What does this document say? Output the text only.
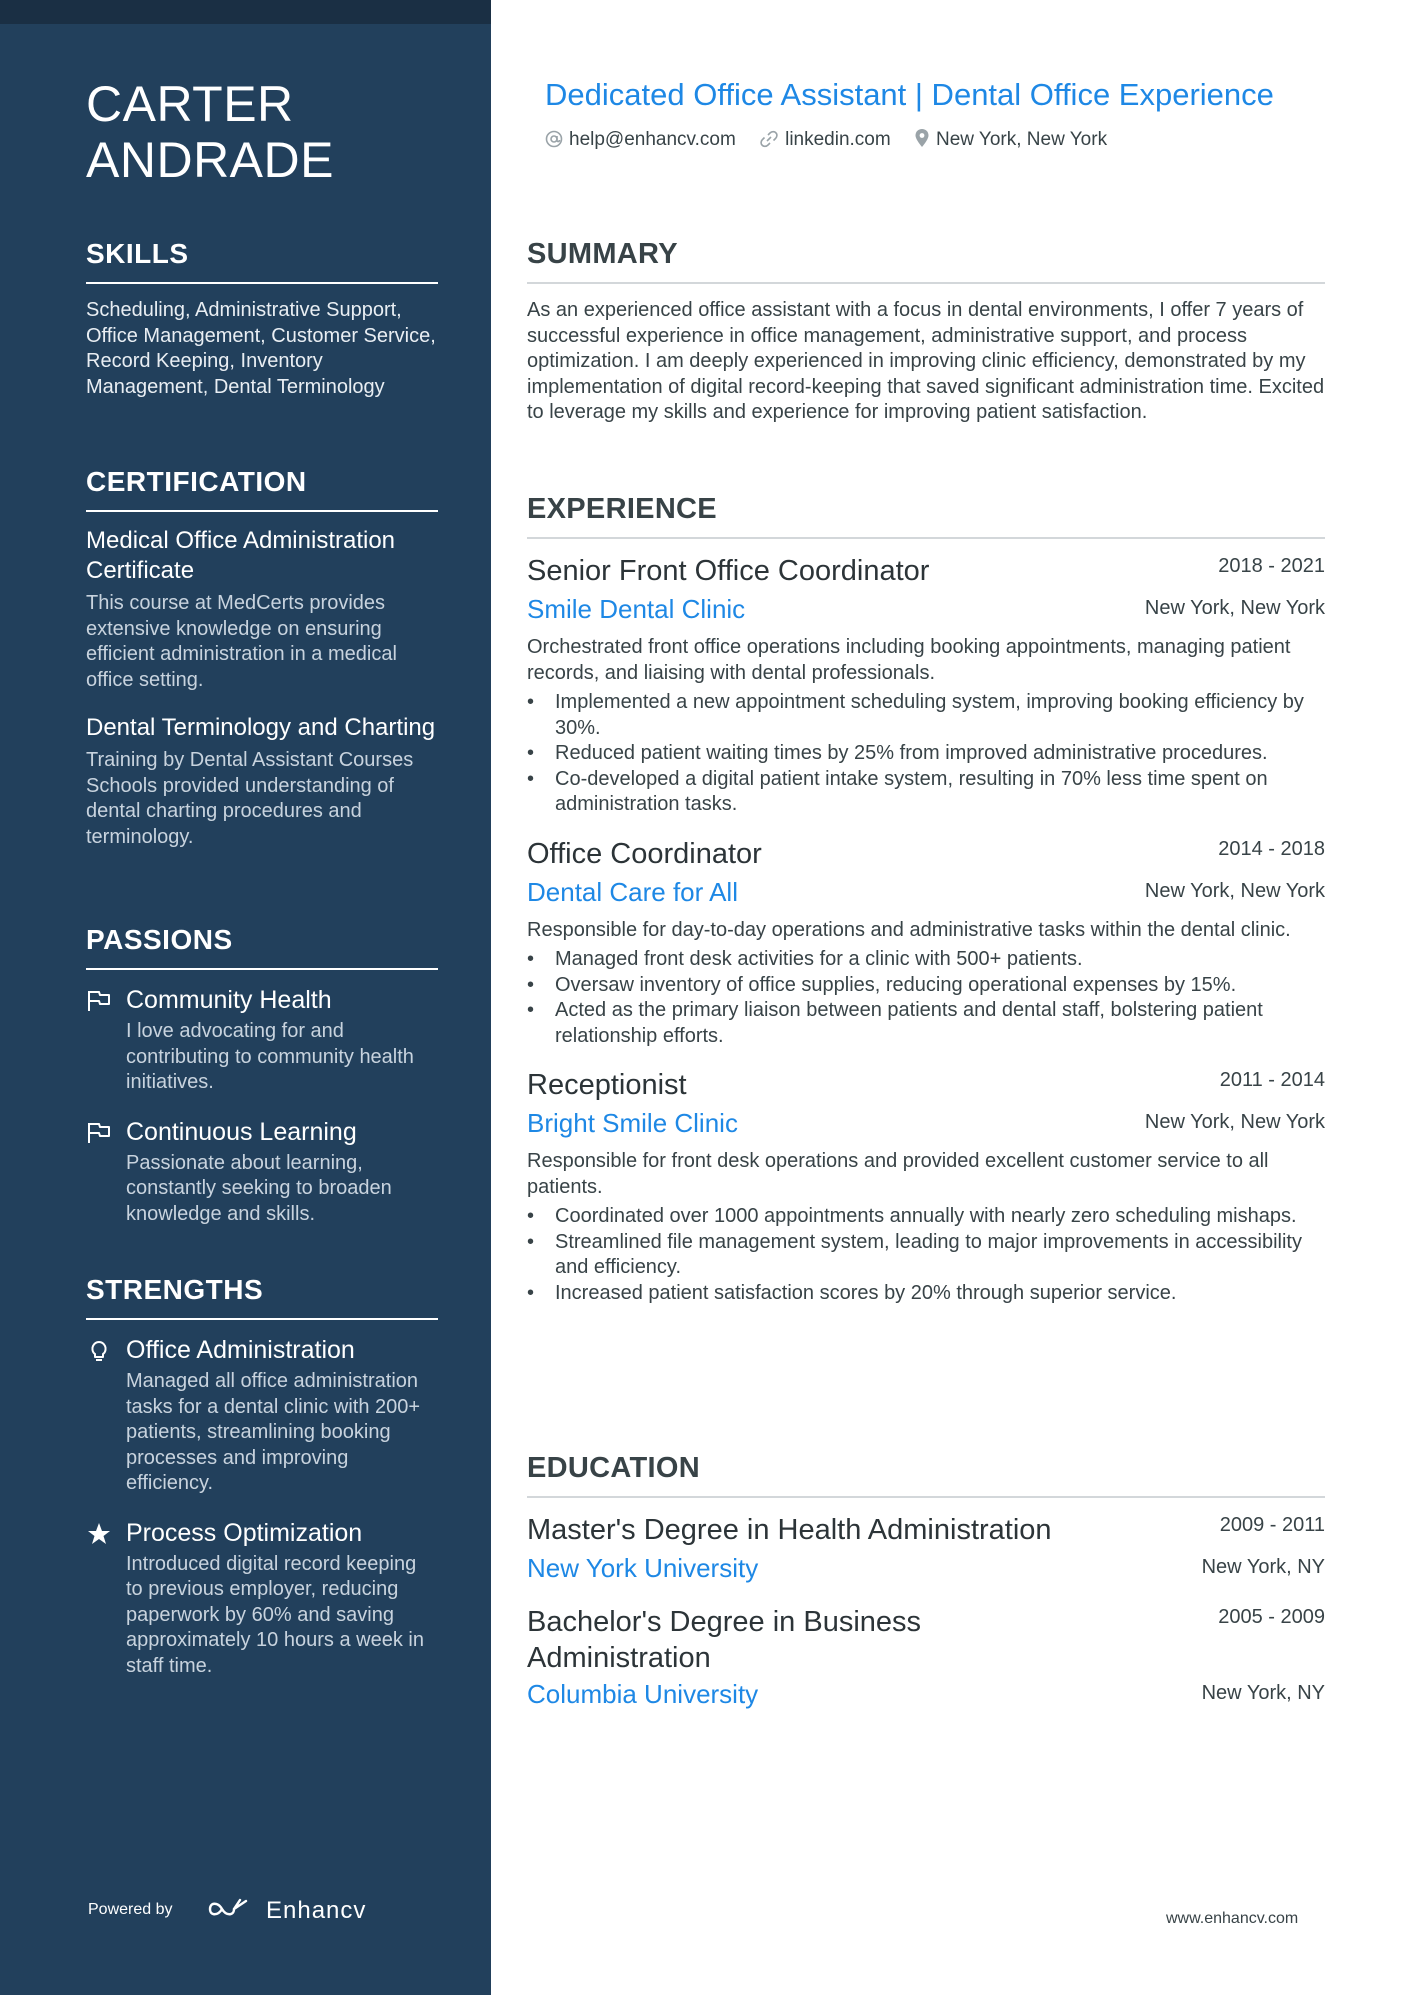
CARTER
ANDRADE
SKILLS

Scheduling, Administrative Support, Office Management, Customer Service, Record Keeping, Inventory Management, Dental Terminology

CERTIFICATION
Medical Office Administration Certificate
This course at MedCerts provides extensive knowledge on ensuring efficient administration in a medical office setting.
Dental Terminology and Charting
Training by Dental Assistant Courses Schools provided understanding of dental charting procedures and terminology.
PASSIONS
Community Health
I love advocating for and contributing to community health initiatives.
Continuous Learning
Passionate about learning, constantly seeking to broaden knowledge and skills.
STRENGTHS
Office Administration
Managed all office administration tasks for a dental clinic with 200+ patients, streamlining booking processes and improving efficiency.
Process Optimization
Introduced digital record keeping to previous employer, reducing paperwork by 60% and saving approximately 10 hours a week in staff time.
Powered by	Enhancv
Dedicated Office Assistant | Dental Office Experience
help@enhancv.com	linkedin.com New York, New York
SUMMARY

As an experienced office assistant with a focus in dental environments, I offer 7 years of successful experience in office management, administrative support, and process optimization. I am deeply experienced in improving clinic efficiency, demonstrated by my implementation of digital record-keeping that saved significant administration time. Excited to leverage my skills and experience for improving patient satisfaction.

EXPERIENCE
Senior Front Office Coordinator	2018 - 2021
Smile Dental Clinic	New York, New York

Orchestrated front office operations including booking appointments, managing patient records, and liaising with dental professionals.

• Implemented a new appointment scheduling system, improving booking efficiency by 30%.
• Reduced patient waiting times by 25% from improved administrative procedures.
• Co-developed a digital patient intake system, resulting in 70% less time spent on administration tasks.
Office Coordinator	2014 - 2018
Dental Care for All	New York, New York

Responsible for day-to-day operations and administrative tasks within the dental clinic.

• Managed front desk activities for a clinic with 500+ patients.
• Oversaw inventory of office supplies, reducing operational expenses by 15%.
• Acted as the primary liaison between patients and dental staff, bolstering patient relationship efforts.
Receptionist	2011 - 2014
Bright Smile Clinic	New York, New York

Responsible for front desk operations and provided excellent customer service to all patients.

• Coordinated over 1000 appointments annually with nearly zero scheduling mishaps.
• Streamlined file management system, leading to major improvements in accessibility and efficiency.
• Increased patient satisfaction scores by 20% through superior service.
EDUCATION
Master's Degree in Health Administration	2009 - 2011
New York University	New York, NY
Bachelor's Degree in Business Administration
2005 - 2009
Columbia University	New York, NY
www.enhancv.com
